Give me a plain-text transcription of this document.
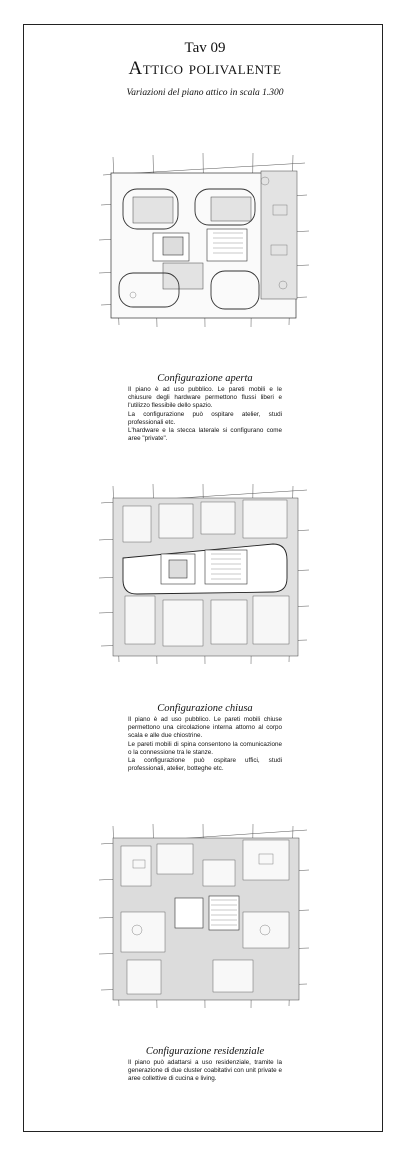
Tav 09
Attico polivalente
Variazioni del piano attico in scala 1.300
Configurazione aperta

Il piano è ad uso pubblico. Le pareti mobili e le chiusure degli hardware permettono flussi liberi e l'utilizzo flessibile dello spazio.

La configurazione può ospitare atelier, studi professionali etc.

L'hardware e la stecca laterale si configurano come aree "private".

Configurazione chiusa

Il piano è ad uso pubblico. Le pareti mobili chiuse permettono una circolazione interna attorno al corpo scala e alle due chiostrine.

Le pareti mobili di spina consentono la comunicazione o la connessione tra le stanze.

La configurazione può ospitare uffici, studi professionali, atelier, botteghe etc.

Configurazione residenziale

Il piano può adattarsi a uso residenziale, tramite la generazione di due cluster coabitativi con unit private e aree collettive di cucina e living.
